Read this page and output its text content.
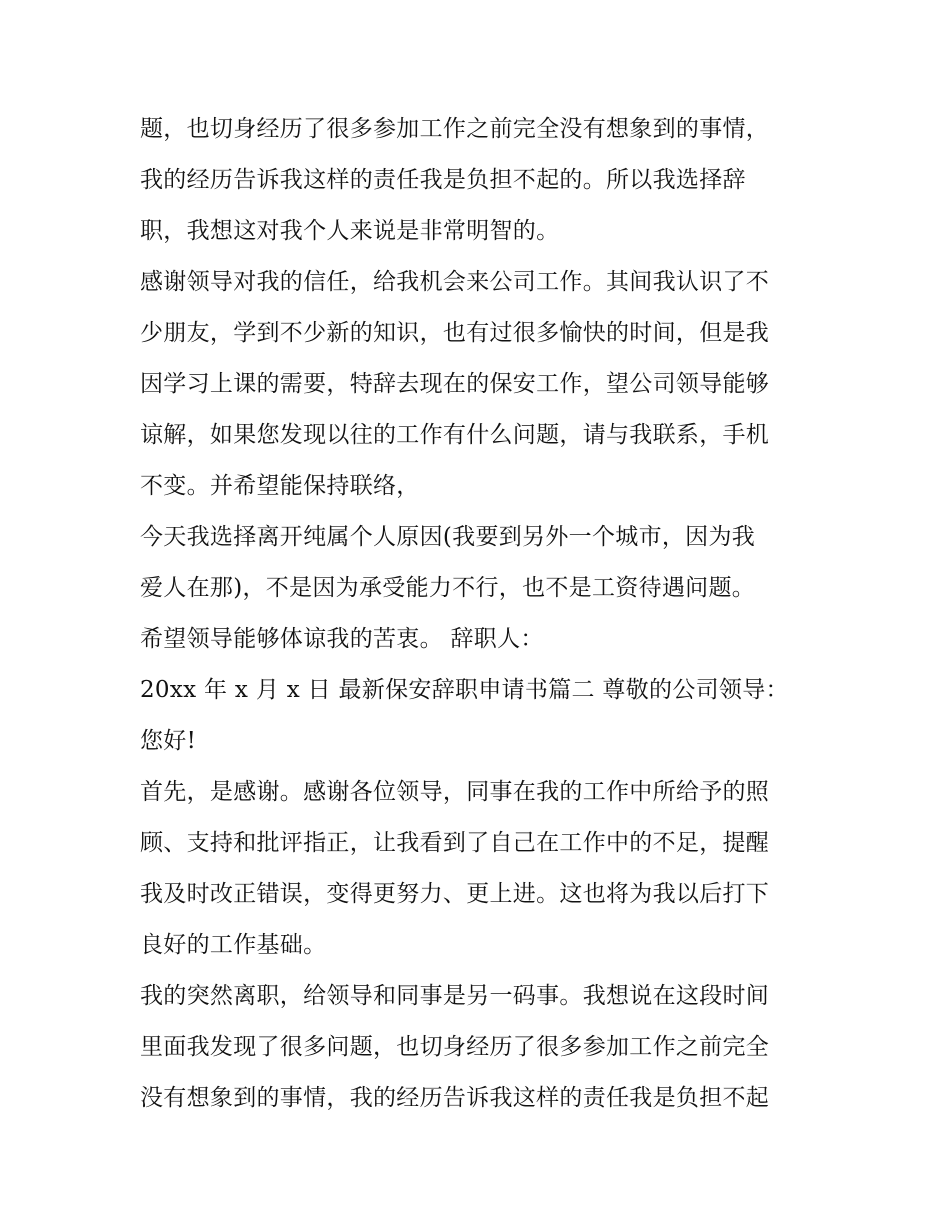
题，也切身经历了很多参加工作之前完全没有想象到的事情，
我的经历告诉我这样的责任我是负担不起的。所以我选择辞
职，我想这对我个人来说是非常明智的。
感谢领导对我的信任，给我机会来公司工作。其间我认识了不
少朋友，学到不少新的知识，也有过很多愉快的时间，但是我
因学习上课的需要，特辞去现在的保安工作，望公司领导能够
谅解，如果您发现以往的工作有什么问题，请与我联系，手机
不变。并希望能保持联络，
今天我选择离开纯属个人原因(我要到另外一个城市，因为我
爱人在那)，不是因为承受能力不行，也不是工资待遇问题。
希望领导能够体谅我的苦衷。 辞职人：
20xx 年 x 月 x 日 最新保安辞职申请书篇二 尊敬的公司领导：
您好!
首先，是感谢。感谢各位领导，同事在我的工作中所给予的照
顾、支持和批评指正，让我看到了自己在工作中的不足，提醒
我及时改正错误，变得更努力、更上进。这也将为我以后打下
良好的工作基础。
我的突然离职，给领导和同事是另一码事。我想说在这段时间
里面我发现了很多问题，也切身经历了很多参加工作之前完全
没有想象到的事情，我的经历告诉我这样的责任我是负担不起
